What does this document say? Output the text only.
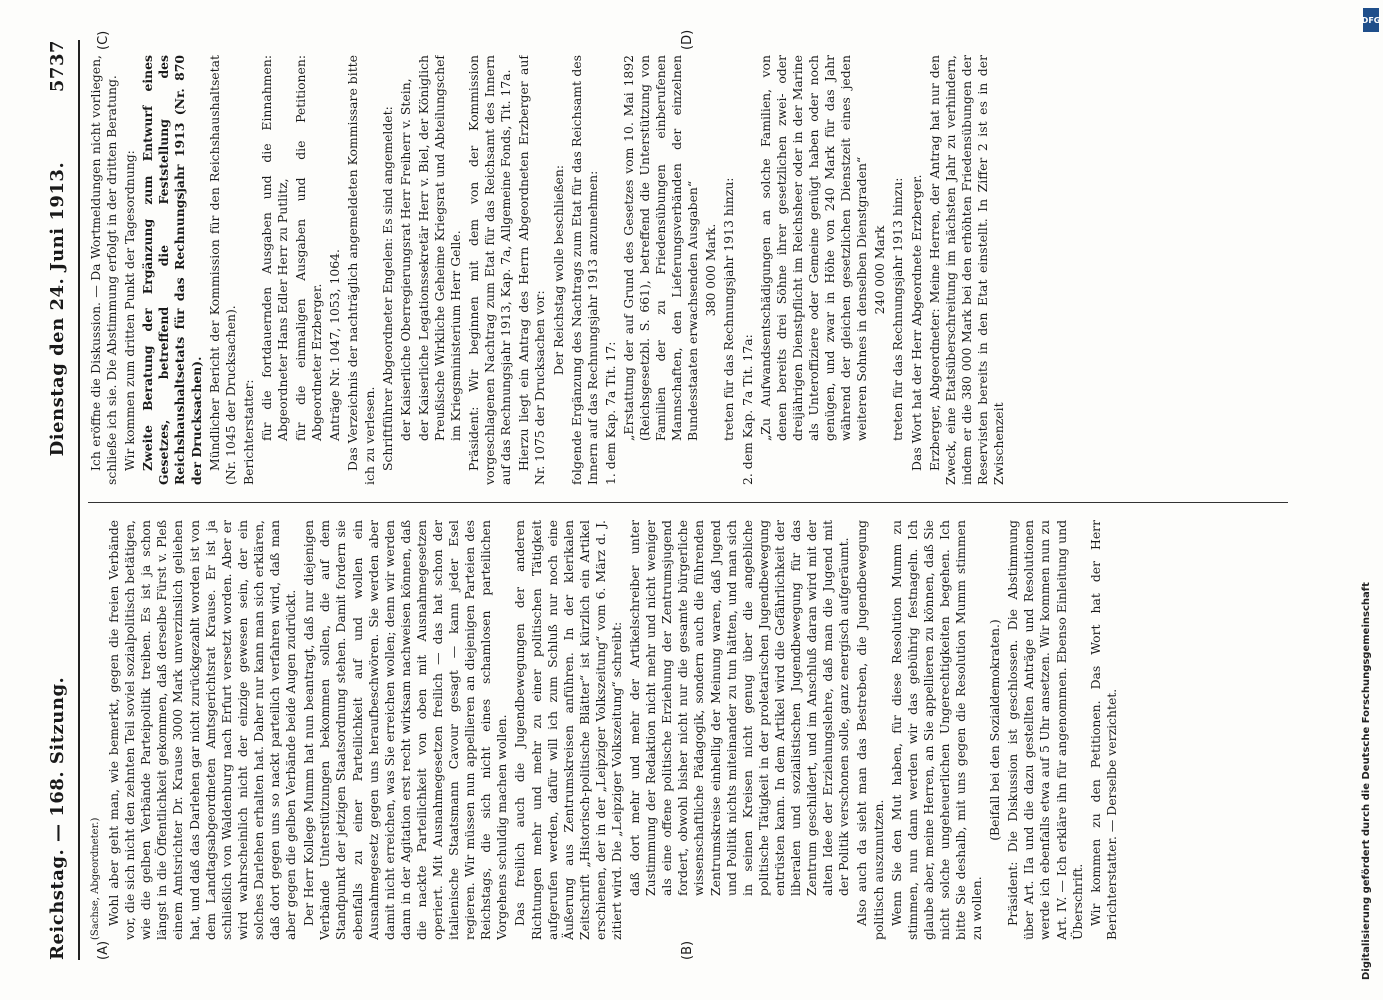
Reichstag. — 168. Sitzung.
Dienstag den 24. Juni 1913.
5737
(A)	(B)
(C)	(D)

(Sachse, Abgeordneter.) Wohl aber geht man, wie bemerkt, gegen die freien Verbände vor, die sich nicht den zehnten Teil soviel sozialpolitisch betätigen, wie die gelben Verbände Parteipolitik treiben. Es ist ja schon längst in die Öffentlichkeit gekommen, daß derselbe Fürst v. Pleß einem Amtsrichter Dr. Krause 3000 Mark unverzinslich geliehen hat, und daß das Darlehen gar nicht zurückgezahlt worden ist von dem Landtagsabgeordneten Amtsgerichtsrat Krause. Er ist ja schließlich von Waldenburg nach Erfurt versetzt worden. Aber er wird wahrscheinlich nicht der einzige gewesen sein, der ein solches Darlehen erhalten hat. Daher nur kann man sich erklären, daß dort gegen uns so nackt parteilich verfahren wird, daß man aber gegen die gelben Verbände beide Augen zudrückt. Der Herr Kollege Mumm hat nun beantragt, daß nur diejenigen Verbände Unterstützungen bekommen sollen, die auf dem Standpunkt der jetzigen Staatsordnung stehen. Damit fordern sie ebenfalls zu einer Parteilichkeit auf und wollen ein Ausnahmegesetz gegen uns heraufbeschwören. Sie werden aber damit nicht erreichen, was Sie erreichen wollen; denn wir werden dann in der Agitation erst recht wirksam nachweisen können, daß die nackte Parteilichkeit von oben mit Ausnahmegesetzen operiert. Mit Ausnahmegesetzen freilich — das hat schon der italienische Staatsmann Cavour gesagt — kann jeder Esel regieren. Wir müssen nun appellieren an diejenigen Parteien des Reichstags, die sich nicht eines schamlosen parteilichen Vorgehens schuldig machen wollen. Das freilich auch die Jugendbewegungen der anderen Richtungen mehr und mehr zu einer politischen Tätigkeit aufgerufen werden, dafür will ich zum Schluß nur noch eine Äußerung aus Zentrumskreisen anführen. In der klerikalen Zeitschrift „Historisch-politische Blätter“ ist kürzlich ein Artikel erschienen, der in der „Leipziger Volkszeitung“ vom 6. März d. J. zitiert wird. Die „Leipziger Volkszeitung“ schreibt: daß dort mehr und mehr der Artikelschreiber unter Zustimmung der Redaktion nicht mehr und nicht weniger als eine offene politische Erziehung der Zentrumsjugend fordert, obwohl bisher nicht nur die gesamte bürgerliche wissenschaftliche Pädagogik, sondern auch die führenden Zentrumskreise einhellig der Meinung waren, daß Jugend und Politik nichts miteinander zu tun hätten, und man sich in seinen Kreisen nicht genug über die angebliche politische Tätigkeit in der proletarischen Jugendbewegung entrüsten kann. In dem Artikel wird die Gefährlichkeit der liberalen und sozialistischen Jugendbewegung für das Zentrum geschildert, und im Anschluß daran wird mit der alten Idee der Erziehungslehre, daß man die Jugend mit der Politik verschonen solle, ganz energisch aufgeräumt. Also auch da sieht man das Bestreben, die Jugendbewegung politisch auszunutzen. Wenn Sie den Mut haben, für diese Resolution Mumm zu stimmen, nun dann werden wir das gebührig festnageln. Ich glaube aber, meine Herren, an Sie appellieren zu können, daß Sie nicht solche ungeheuerlichen Ungerechtigkeiten begehen. Ich bitte Sie deshalb, mit uns gegen die Resolution Mumm stimmen zu wollen.

(Beifall bei den Sozialdemokraten.) Präsident: Die Diskussion ist geschlossen. Die Abstimmung über Art. IIa und die dazu gestellten Anträge und Resolutionen werde ich ebenfalls etwa auf 5 Uhr ansetzen. Wir kommen nun zu Art. IV. — Ich erkläre ihn für angenommen. Ebenso Einleitung und Überschrift. Wir kommen zu den Petitionen. Das Wort hat der Herr Berichterstatter. — Derselbe verzichtet.

Ich eröffne die Diskussion. — Da Wortmeldungen nicht vorliegen, schließe ich sie. Die Abstimmung erfolgt in der dritten Beratung. Wir kommen zum dritten Punkt der Tagesordnung: Zweite Beratung der Ergänzung zum Entwurf eines Gesetzes, betreffend die Feststellung des Reichshaushaltsetats für das Rechnungsjahr 1913 (Nr. 870 der Drucksachen). Mündlicher Bericht der Kommission für den Reichshaushaltsetat (Nr. 1045 der Drucksachen). Berichterstatter: für die fortdauernden Ausgaben und die Einnahmen: Abgeordneter Hans Edler Herr zu Putlitz, für die einmaligen Ausgaben und die Petitionen: Abgeordneter Erzberger. Anträge Nr. 1047, 1053, 1064. Das Verzeichnis der nachträglich angemeldeten Kommissare bitte ich zu verlesen. Schriftführer Abgeordneter Engelen: Es sind angemeldet: der Kaiserliche Oberregierungsrat Herr Freiherr v. Stein, der Kaiserliche Legationssekretär Herr v. Biel, der Königlich Preußische Wirkliche Geheime Kriegsrat und Abteilungschef im Kriegsministerium Herr Gelle. Präsident: Wir beginnen mit dem von der Kommission vorgeschlagenen Nachtrag zum Etat für das Reichsamt des Innern auf das Rechnungsjahr 1913, Kap. 7a, Allgemeine Fonds, Tit. 17a. Hierzu liegt ein Antrag des Herrn Abgeordneten Erzberger auf Nr. 1075 der Drucksachen vor:

Der Reichstag wolle beschließen: folgende Ergänzung des Nachtrags zum Etat für das Reichsamt des Innern auf das Rechnungsjahr 1913 anzunehmen: 1. dem Kap. 7a Tit. 17: „Erstattung der auf Grund des Gesetzes vom 10. Mai 1892 (Reichsgesetzbl. S. 661), betreffend die Unterstützung von Familien der zu Friedensübungen einberufenen Mannschaften, den Lieferungsverbänden der einzelnen Bundesstaaten erwachsenden Ausgaben“ 380 000 Mark. treten für das Rechnungsjahr 1913 hinzu: 2. dem Kap. 7a Tit. 17a: „Zu Aufwandsentschädigungen an solche Familien, von denen bereits drei Söhne ihrer gesetzlichen zwei- oder dreijährigen Dienstpflicht im Reichsheer oder in der Marine als Unteroffiziere oder Gemeine genügt haben oder noch genügen, und zwar in Höhe von 240 Mark für das Jahr während der gleichen gesetzlichen Dienstzeit eines jeden weiteren Sohnes in denselben Dienstgraden“ 240 000 Mark treten für das Rechnungsjahr 1913 hinzu: Das Wort hat der Herr Abgeordnete Erzberger. Erzberger, Abgeordneter: Meine Herren, der Antrag hat nur den Zweck, eine Etatsüberschreitung im nächsten Jahr zu verhindern, indem er die 380 000 Mark bei den erhöhten Friedensübungen der Reservisten bereits in den Etat einstellt. In Ziffer 2 ist es in der Zwischenzeit

DFG
Digitalisierung gefördert durch die Deutsche Forschungsgemeinschaft
